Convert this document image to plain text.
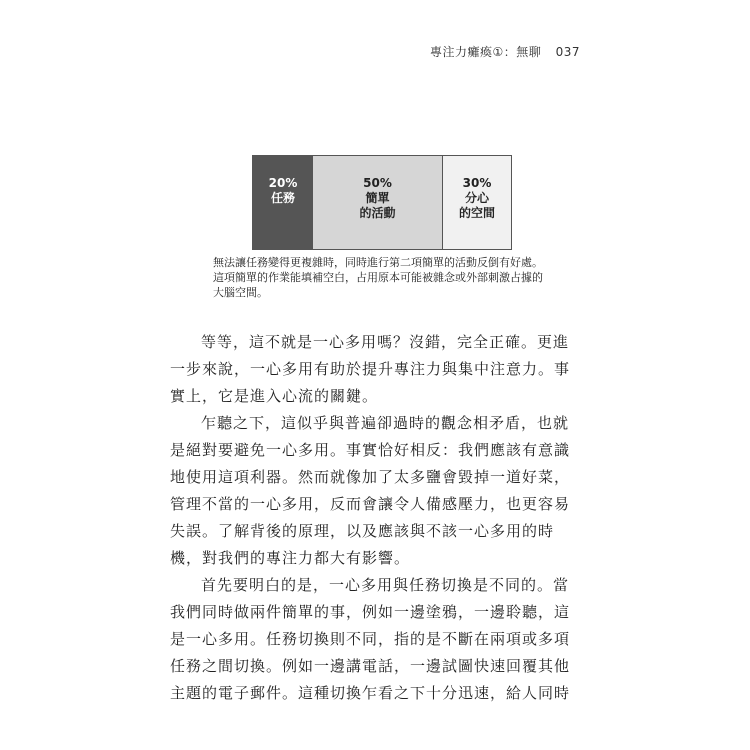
專注力癱瘓①：無聊 037
20%
任務
50%
簡單
的活動
30%
分心
的空間
無法讓任務變得更複雜時，同時進行第二項簡單的活動反倒有好處。
這項簡單的作業能填補空白，占用原本可能被雜念或外部刺激占據的
大腦空間。
等等，這不就是一心多用嗎？沒錯，完全正確。更進
一步來說，一心多用有助於提升專注力與集中注意力。事
實上，它是進入心流的關鍵。
乍聽之下，這似乎與普遍卻過時的觀念相矛盾，也就
是絕對要避免一心多用。事實恰好相反：我們應該有意識
地使用這項利器。然而就像加了太多鹽會毀掉一道好菜，
管理不當的一心多用，反而會讓令人備感壓力，也更容易
失誤。了解背後的原理，以及應該與不該一心多用的時
機，對我們的專注力都大有影響。
首先要明白的是，一心多用與任務切換是不同的。當
我們同時做兩件簡單的事，例如一邊塗鴉，一邊聆聽，這
是一心多用。任務切換則不同，指的是不斷在兩項或多項
任務之間切換。例如一邊講電話，一邊試圖快速回覆其他
主題的電子郵件。這種切換乍看之下十分迅速，給人同時
